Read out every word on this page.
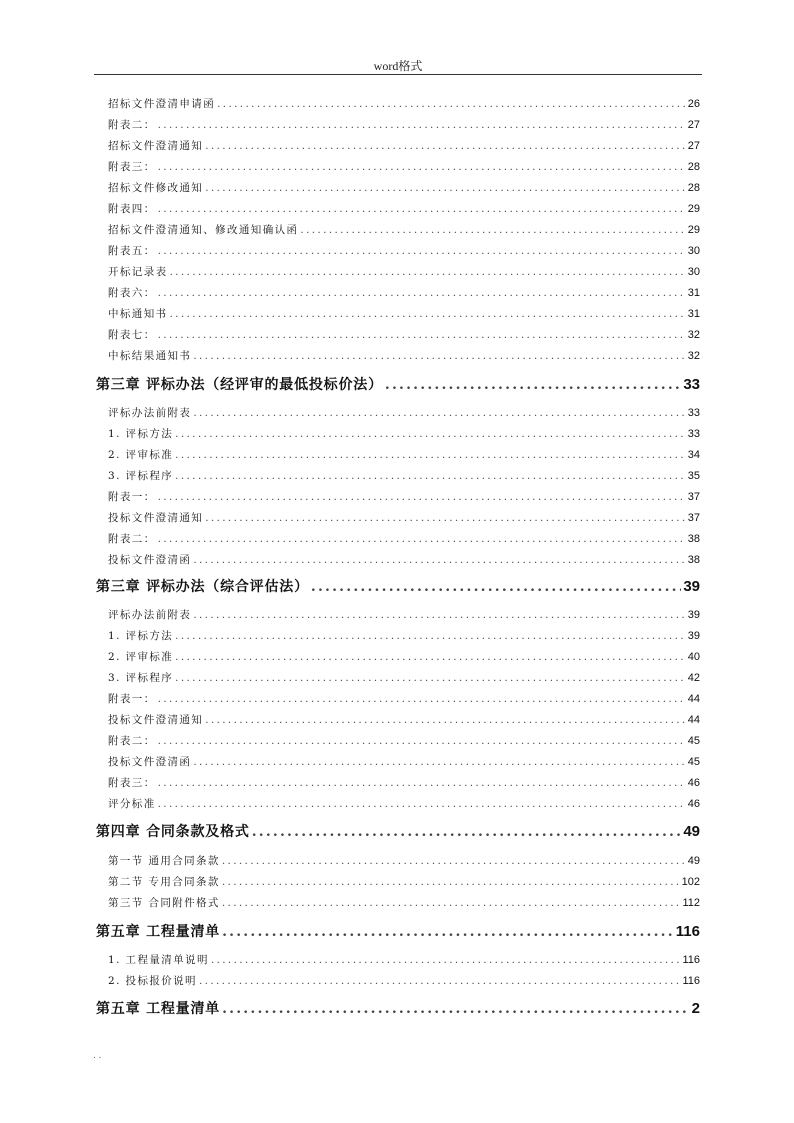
word格式
招标文件澄清申请函 . . .	26
附表二： . . .	27
招标文件澄清通知 . . .	27
附表三： . . .	28
招标文件修改通知 . . .	28
附表四： . . .	29
招标文件澄清通知、修改通知确认函 . . .	29
附表五： . . .	30
开标记录表 . . .	30
附表六： . . .	31
中标通知书 . . .	31
附表七： . . .	32
中标结果通知书 . . .	32
第三章 评标办法（经评审的最低投标价法） .....	33
评标办法前附表 . . .	33
1. 评标方法 . . .	33
2. 评审标准 . . .	34
3. 评标程序 . . .	35
附表一： . . .	37
投标文件澄清通知 . . .	37
附表二： . . .	38
投标文件澄清函 . . .	38
第三章 评标办法（综合评估法） .....	39
评标办法前附表 . . .	39
1. 评标方法 . . .	39
2. 评审标准 . . .	40
3. 评标程序 . . .	42
附表一： . . .	44
投标文件澄清通知 . . .	44
附表二： . . .	45
投标文件澄清函 . . .	45
附表三： . . .	46
评分标准 . . .	46
第四章 合同条款及格式 .....	49
第一节 通用合同条款 . . .	49
第二节 专用合同条款 . . .	102
第三节 合同附件格式 . . .	112
第五章 工程量清单 .....	116
1. 工程量清单说明 . . .	116
2. 投标报价说明 . . .	116
第五章 工程量清单 .....	2
. .
